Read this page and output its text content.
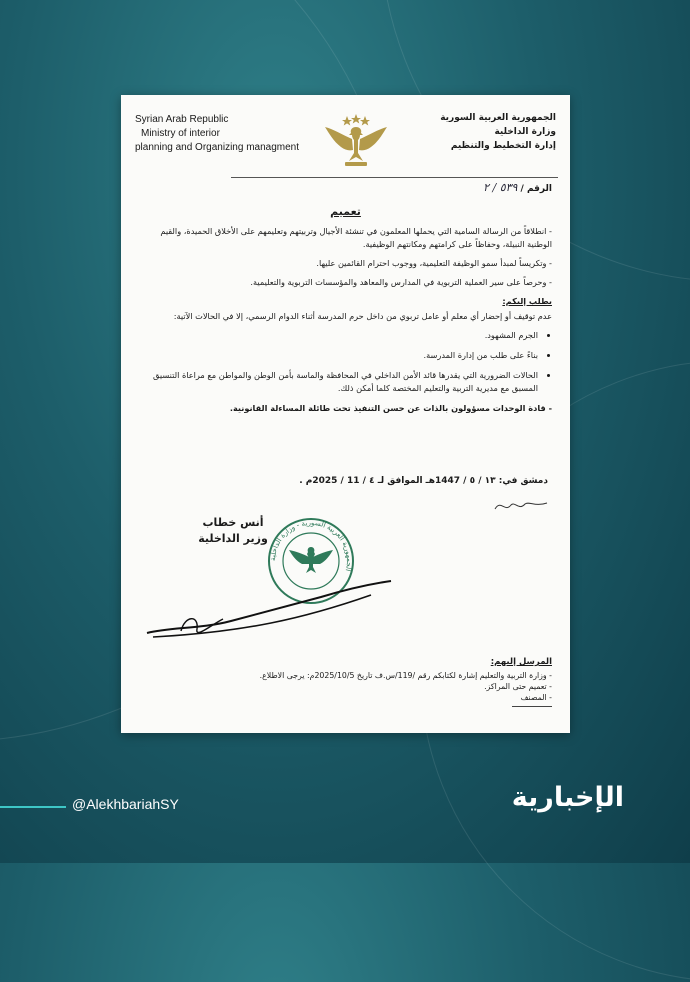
Syrian Arab Republic
Ministry of interior
planning and Organizing managment
الجمهورية العربية السورية
وزارة الداخلية
إدارة التخطيط والتنظيم
الرقم / ٥٣٩ / ٢
تعميم

- انطلاقاً من الرسالة السامية التي يحملها المعلمون في تنشئة الأجيال وتربيتهم وتعليمهم على الأخلاق الحميدة، والقيم الوطنية النبيلة، وحفاظاً على كرامتهم ومكانتهم الوظيفية.

- وتكريساً لمبدأ سمو الوظيفة التعليمية، ووجوب احترام القائمين عليها.

- وحرصاً على سير العملية التربوية في المدارس والمعاهد والمؤسسات التربوية والتعليمية.

يطلب إليكم:

عدم توقيف أو إحضار أي معلم أو عامل تربوي من داخل حرم المدرسة أثناء الدوام الرسمي، إلا في الحالات الآتية:

• الجرم المشهود.
• بناءً على طلب من إدارة المدرسة.
• الحالات الضرورية التي يقدرها قائد الأمن الداخلي في المحافظة والماسة بأمن الوطن والمواطن مع مراعاة التنسيق المسبق مع مديرية التربية والتعليم المختصة كلما أمكن ذلك.

- قادة الوحدات مسؤولون بالذات عن حسن التنفيذ تحت طائلة المساءلة القانونية.

دمشق في: ١٣ / ٥ / 1447هـ الموافق لـ ٤ / 11 / 2025م .
الجمهورية العربية السورية - وزارة الداخلية
أنس خطاب
وزير الداخلية
المرسل إليهم:
- وزارة التربية والتعليم إشارة لكتابكم رقم /119/س.ف تاريخ 2025/10/5م: يرجى الاطلاع.
- تعميم حتى المراكز.
- المصنف
@AlekhbariahSY	الإخبارية
